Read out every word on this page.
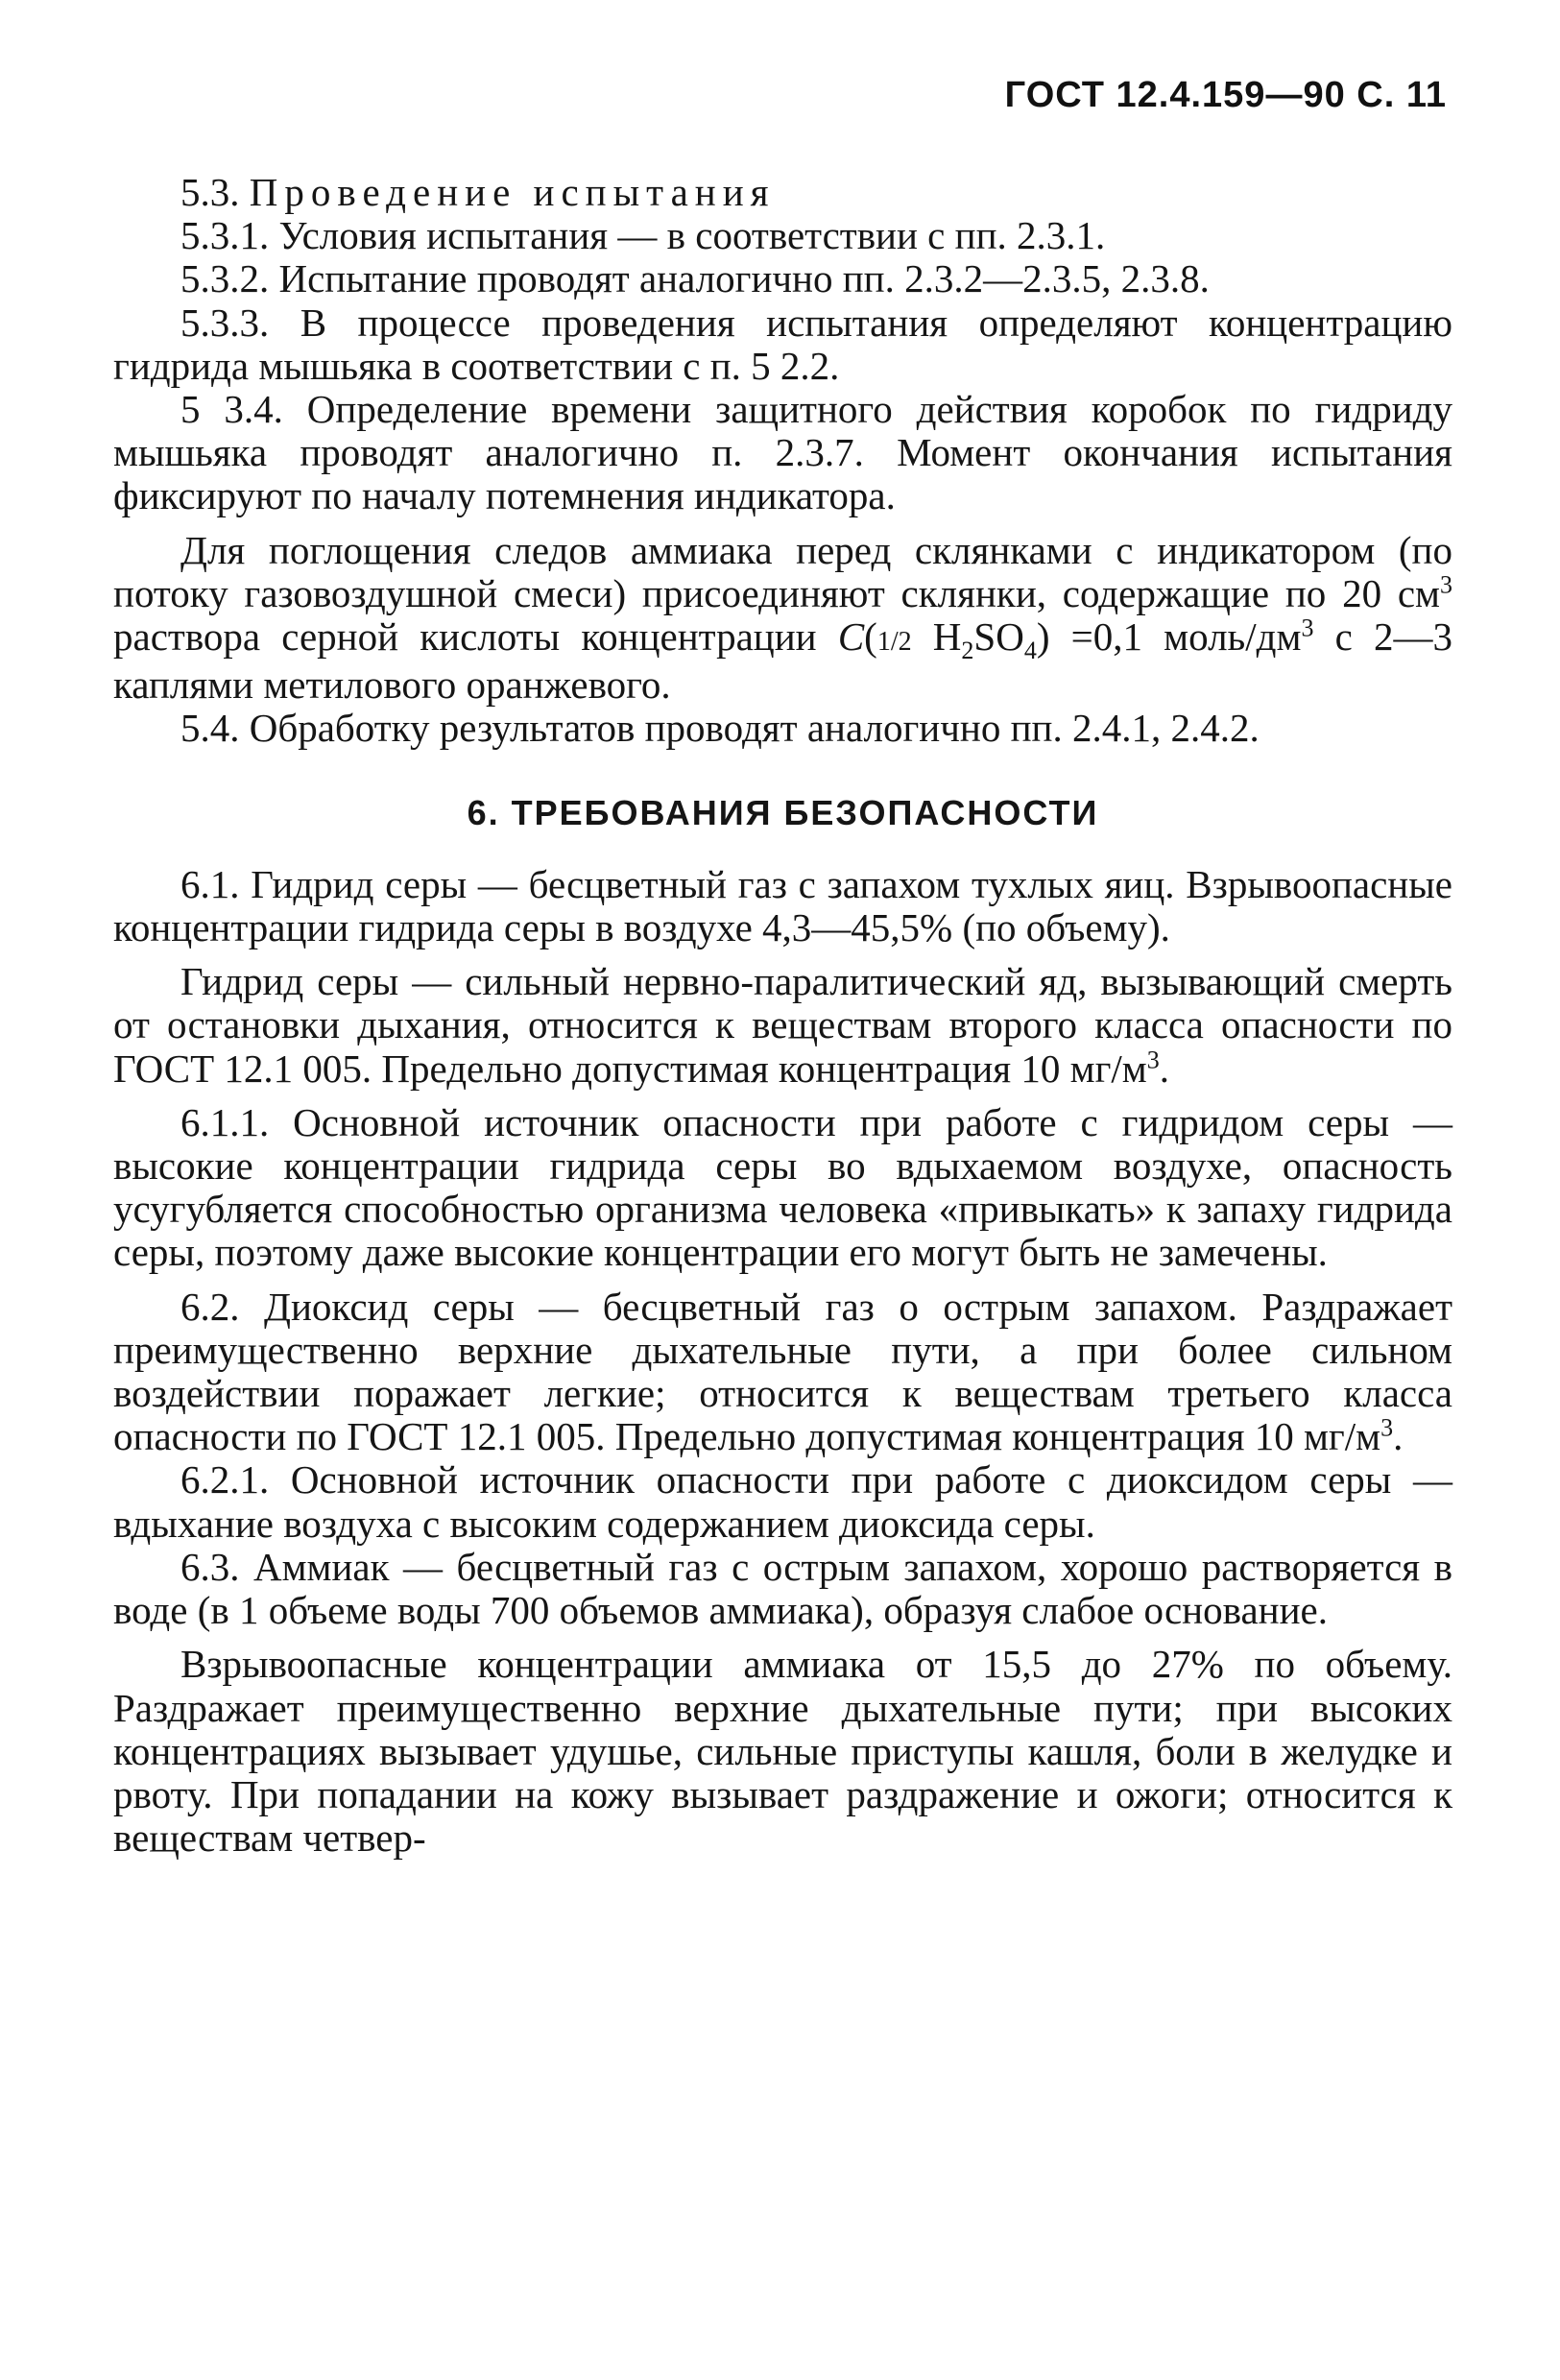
ГОСТ 12.4.159—90 С. 11

5.3. Проведение испытания

5.3.1. Условия испытания — в соответствии с пп. 2.3.1.

5.3.2. Испытание проводят аналогично пп. 2.3.2—2.3.5, 2.3.8.

5.3.3. В процессе проведения испытания определяют концентрацию гидрида мышьяка в соответствии с п. 5 2.2.

5 3.4. Определение времени защитного действия коробок по гидриду мышьяка проводят аналогично п. 2.3.7. Момент окончания испытания фиксируют по началу потемнения индикатора.

Для поглощения следов аммиака перед склянками с индикатором (по потоку газовоздушной смеси) присоединяют склянки, содержащие по 20 $см^3$ раствора серной кислоты концентрации С(1/2 $H_2SO_4) =0,1$ моль/$дм^3$ с 2—3 каплями метилового оранжевого.

5.4. Обработку результатов проводят аналогично пп. 2.4.1, 2.4.2.

6. ТРЕБОВАНИЯ БЕЗОПАСНОСТИ

6.1. Гидрид серы — бесцветный газ с запахом тухлых яиц. Взрывоопасные концентрации гидрида серы в воздухе 4,3—45,5% (по объему).

Гидрид серы — сильный нервно-паралитический яд, вызывающий смерть от остановки дыхания, относится к веществам второго класса опасности по ГОСТ 12.1 005. Предельно допустимая концентрация 10 $мг/м^3$.

6.1.1. Основной источник опасности при работе с гидридом серы — высокие концентрации гидрида серы во вдыхаемом воздухе, опасность усугубляется способностью организма человека «привыкать» к запаху гидрида серы, поэтому даже высокие концентрации его могут быть не замечены.

6.2. Диоксид серы — бесцветный газ о острым запахом. Раздражает преимущественно верхние дыхательные пути, а при более сильном воздействии поражает легкие; относится к веществам третьего класса опасности по ГОСТ 12.1 005. Предельно допустимая концентрация 10 $мг/м^3$.

6.2.1. Основной источник опасности при работе с диоксидом серы — вдыхание воздуха с высоким содержанием диоксида серы.

6.3. Аммиак — бесцветный газ с острым запахом, хорошо растворяется в воде (в 1 объеме воды 700 объемов аммиака), образуя слабое основание.

Взрывоопасные концентрации аммиака от 15,5 до 27% по объему. Раздражает преимущественно верхние дыхательные пути; при высоких концентрациях вызывает удушье, сильные приступы кашля, боли в желудке и рвоту. При попадании на кожу вызывает раздражение и ожоги; относится к веществам четвер-
